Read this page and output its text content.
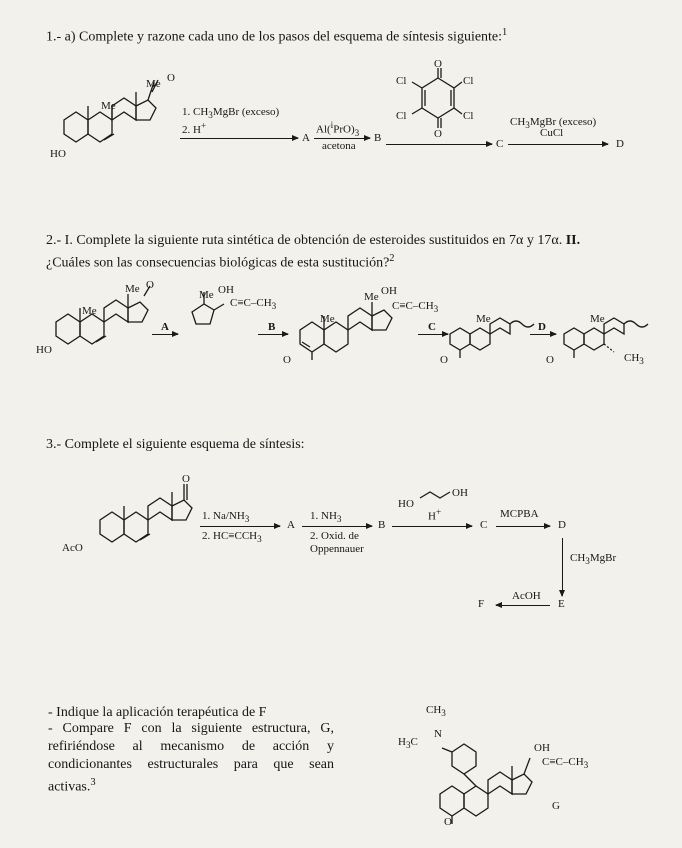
1.- a) Complete y razone cada uno de los pasos del esquema de síntesis siguiente:$^1$
Me
Me O
HO
1. $CH_3MgBr$ (exceso)
2. H+
A
$Al(^iPrO)_3$
acetona
B
O
Cl	Cl
Cl	Cl
O
C
$CH_3MgBr$ (exceso)
CuCl
D
2.- I. Complete la siguiente ruta sintética de obtención de esteroides sustituidos en 7α y 17α. II.
¿Cuáles son las consecuencias biológicas de esta sustitución?$^2$
Me
Me O
HO
A
Me OH
$C\equiv C-CH_3$
B
Me
Me OH
$C\equiv C-CH_3$
O
C
Me
O
D
Me
O	$CH_3$
3.- Complete el siguiente esquema de síntesis:
O
AcO
1. $Na/NH_3$
2. $HC\equiv CCH_3$
A
1. $NH_3$
2. Oxid. de
Oppennauer
B
HO
OH
H+
C
MCPBA
D
$CH_3MgBr$
E
AcOH
F
- Indique la aplicación terapéutica de F
- Compare F con la siguiente estructura, G, refiriéndose al mecanismo de acción y condicionantes estructurales para que sean activas.$^3$
$CH_3$
N
$H_3C$	OH
$C\equiv C-CH_3$
O
G
